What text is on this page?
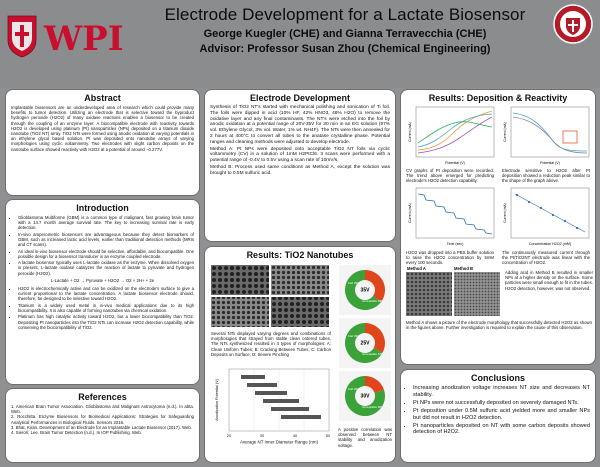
WPI
Electrode Development for a Lactate Biosensor
George Kuegler (CHE) and Gianna Terravecchia (CHE)
Advisor: Professor Susan Zhou (Chemical Engineering)
Abstract

Implantable biosensors are an underdeveloped area of research which could provide many benefits to tumor detection. Utilizing an electrode that is selective toward the byproduct hydrogen peroxide (H2O2) of many oxidase reactions enables a biosensor to be created through the coupling of an enzyme layer. A biocompatible electrode with reactivity towards H2O2 is developed using platinum (Pt) nanoparticles (NPs) deposited on a titanium dioxide nanotube (TiO2 NT) array. TiO2 NTs were formed using anodic oxidation at varying potentials in an ethylene glycol based solution. Pt was deposited onto nanotube arrays of varying morphologies using cyclic voltammetry. Two electrodes with slight carbon deposits on the nanotube surface showed reactivity with H2O2 at a potential of around −0.277V.

Introduction
• Glioblastoma Multiforme (GBM) is a common type of malignant, fast growing brain tumor with a 14.7 month average survival rate. The key to increasing survival rate is early detection.
• In-vivo amperometric biosensors are advantageous because they detect biomarkers of GBM, such as increased lactic acid levels, earlier than traditional detection methods (MRIs and CT scans).
• An ideal in-vivo biosensor electrode should be selective, affordable, and biocompatible. One possible design for a biosensor transducer is an enzyme coupled electrode.
• A lactate biosensor typically uses L-lactate oxidase as the enzyme. When dissolved oxygen is present, L-lactate oxidase catalyzes the reaction of lactate to pyruvate and hydrogen peroxide (H2O2).

L-Lactate + O2 → Pyruvate + H2O2 → O2 + 2H+ + 2e

• H2O2 is electrochemically active and can be oxidized on the electrode's surface to give a current proportional to the lactate concentration. A lactate biosensor electrode should, therefore, be designed to be selective toward H2O2.
• Titanium is a widely used metal in in-vivo medical applications due to its high biocompatibility. It is also capable of forming nanotubes via chemical oxidation.
• Platinum has high catalytic activity toward H2O2, but a lower biocompatibility than TiO2. Depositing Pt nanoparticles into the TiO2 NTs can increase H2O2 detection capability, while conserving the biocompatibility of TiO2.
References

1. American Brain Tumor Association. Glioblastoma and Malignant Astrocytoma (n.d.). In abta. Web.

2. Rocchitta. Enzyme Biosensors for Biomedical Applications: Strategies for Safeguarding Analytical Performances in Biological Fluids. Sensors 2016.

3. Bhat, Kiran. Development of an Electrode for an Implantable Lactate Biosensor (2017). Web.

4. Sieroń; Lee. Brain Tumor Detection (n.d.). In IOP Publishing. Web.

Electrode Development

Synthesis of TiO2 NT's started with mechanical polishing and sonication of Ti foil. The foils were dipped in acid (10% HF, 42% HNO3, 48% H2O) to remove the oxidative layer and any final contaminants. The NT's were etched into the foil by anodic oxidation at a potential range of 20V-35V for 30 min in an EG solution (97% vol. Ethylene Glycol, 3% vol. Water, 1% wt. NH4F). The NTs were then annealed for 2 hours at 400°C to convert all tubes to the anatase crystalline phase. Potential ranges and cleaning methods were adjusted to develop electrode.

Method A: Pt NPs were deposited onto acceptable TiO2 NT foils via cyclic voltammetry (CV) in a solution of 1mM H2PtCl6. 3 scans were performed with a potential range of -0.4V to 0.5V using a scan rate of 10mV/s.

Method B: Process used same conditions as Method A, except the solution was brought to 0.5M sulfuric acid.

Results: TiO2 Nanotubes

Several NTs displayed varying degrees and combinations of morphologies that strayed from stable clean ordered tubes. The NTs synthesized resulted in 4 types of morphologies: A: Clean Uniform Tubes; B: Cracking Between Tubes; C: Carbon Deposits on Surface; D: Severe Pinching

20	30	40	50
Average NT Inner Diameter Range (nm)
Anodization Potential (V)
35V
Fail 35%
Acceptable 65%
25V
Fail 33%
Acceptable 67%
30V
Fail 20%
Acceptable 80%

A positive correlation was observed between NT stability and anodization voltage.

Results: Deposition & Reactivity
Potential (V)
Current (mA)
Potential (V)
Current (mA)

CV graphs of Pt deposition were recorded. The trend above emerged for predicting electrode's H2O2 detection capability.

Electrode sensitive to H2O2 after Pt deposition showed a reduction peak similar to the shape of the graph above.

Time (sec)
Current (mA)
Concentration H2O2 (mM)
Current (mA)

H2O2 was dropped into a PBS buffer solution to raise the H2O2 concentration by 5mM every 100 seconds.

The continuously measured current through the Pt/TiO2NT electrode was linear with the concentration of H2O2.

Method A	Method B

Adding acid in Method B resulted in smaller NPs at a higher density on the surface. Some particles were small enough to fit in the tubes. H2O2 detection, however, was not observed.

Method A shows a picture of the electrode morphology that successfully detected H2O2 as shown in the figures above. Further investigation is required to explain the cause of this observation.

Conclusions
• Increasing anodization voltage increases NT size and decreases NT stability.
• Pt NPs were not successfully deposited on severely damaged NTs.
• Pt deposition under 0.5M sulfuric acid yielded more and smaller NPs but did not result in H2O2 detection.
• Pt nanoparticles deposited on NT with some carbon deposits showed detection of H2O2.
